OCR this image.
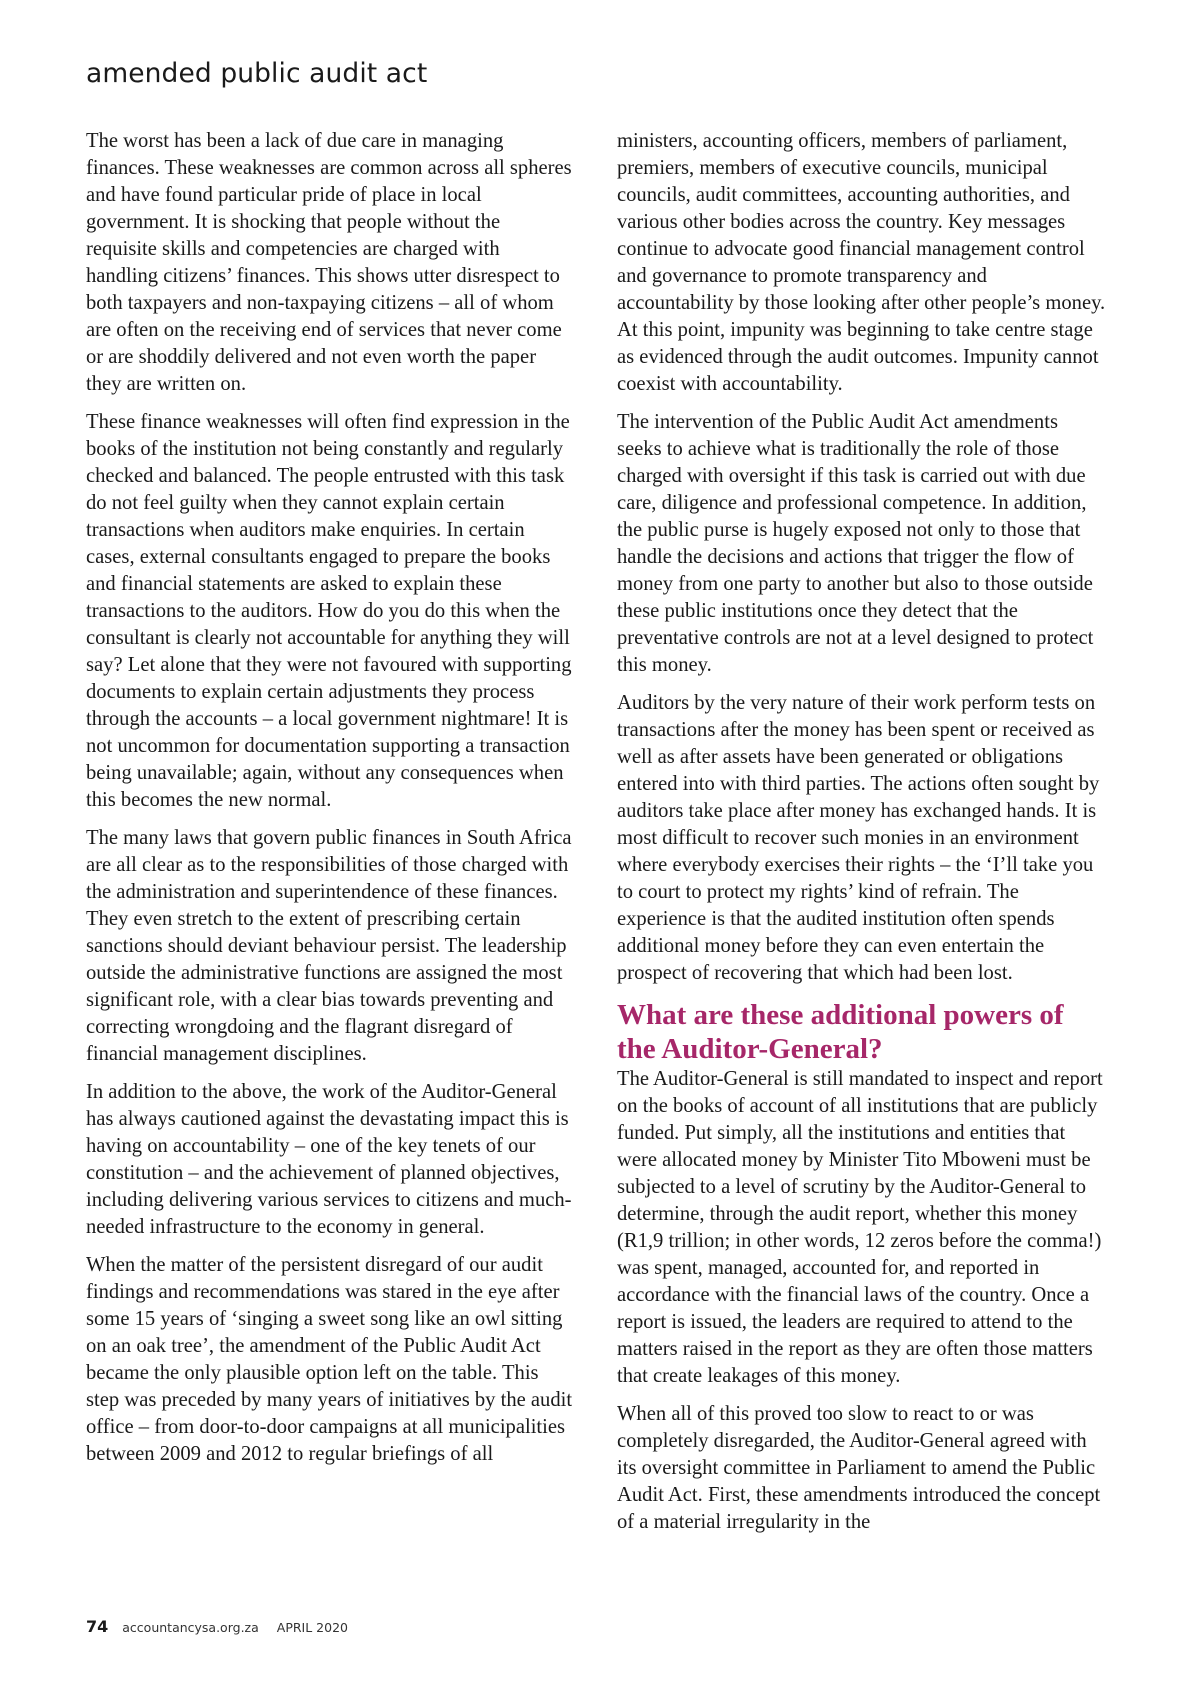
amended public audit act

The worst has been a lack of due care in managing finances. These weaknesses are common across all spheres and have found particular pride of place in local government. It is shocking that people without the requisite skills and competencies are charged with handling citizens’ finances. This shows utter disrespect to both taxpayers and non-taxpaying citizens – all of whom are often on the receiving end of services that never come or are shoddily delivered and not even worth the paper they are written on.

These finance weaknesses will often find expression in the books of the institution not being constantly and regularly checked and balanced. The people entrusted with this task do not feel guilty when they cannot explain certain transactions when auditors make enquiries. In certain cases, external consultants engaged to prepare the books and financial statements are asked to explain these transactions to the auditors. How do you do this when the consultant is clearly not accountable for anything they will say? Let alone that they were not favoured with supporting documents to explain certain adjustments they process through the accounts – a local government nightmare! It is not uncommon for documentation supporting a transaction being unavailable; again, without any consequences when this becomes the new normal.

The many laws that govern public finances in South Africa are all clear as to the responsibilities of those charged with the administration and superintendence of these finances. They even stretch to the extent of prescribing certain sanctions should deviant behaviour persist. The leadership outside the administrative functions are assigned the most significant role, with a clear bias towards preventing and correcting wrongdoing and the flagrant disregard of financial management disciplines.

In addition to the above, the work of the Auditor-General has always cautioned against the devastating impact this is having on accountability – one of the key tenets of our constitution – and the achievement of planned objectives, including delivering various services to citizens and much-needed infrastructure to the economy in general.

When the matter of the persistent disregard of our audit findings and recommendations was stared in the eye after some 15 years of ‘singing a sweet song like an owl sitting on an oak tree’, the amendment of the Public Audit Act became the only plausible option left on the table. This step was preceded by many years of initiatives by the audit office – from door-to-door campaigns at all municipalities between 2009 and 2012 to regular briefings of all

ministers, accounting officers, members of parliament, premiers, members of executive councils, municipal councils, audit committees, accounting authorities, and various other bodies across the country. Key messages continue to advocate good financial management control and governance to promote transparency and accountability by those looking after other people’s money. At this point, impunity was beginning to take centre stage as evidenced through the audit outcomes. Impunity cannot coexist with accountability.

The intervention of the Public Audit Act amendments seeks to achieve what is traditionally the role of those charged with oversight if this task is carried out with due care, diligence and professional competence. In addition, the public purse is hugely exposed not only to those that handle the decisions and actions that trigger the flow of money from one party to another but also to those outside these public institutions once they detect that the preventative controls are not at a level designed to protect this money.

Auditors by the very nature of their work perform tests on transactions after the money has been spent or received as well as after assets have been generated or obligations entered into with third parties. The actions often sought by auditors take place after money has exchanged hands. It is most difficult to recover such monies in an environment where everybody exercises their rights – the ‘I’ll take you to court to protect my rights’ kind of refrain. The experience is that the audited institution often spends additional money before they can even entertain the prospect of recovering that which had been lost.

What are these additional powers of the Auditor-General?

The Auditor-General is still mandated to inspect and report on the books of account of all institutions that are publicly funded. Put simply, all the institutions and entities that were allocated money by Minister Tito Mboweni must be subjected to a level of scrutiny by the Auditor-General to determine, through the audit report, whether this money (R1,9 trillion; in other words, 12 zeros before the comma!) was spent, managed, accounted for, and reported in accordance with the financial laws of the country. Once a report is issued, the leaders are required to attend to the matters raised in the report as they are often those matters that create leakages of this money.

When all of this proved too slow to react to or was completely disregarded, the Auditor-General agreed with its oversight committee in Parliament to amend the Public Audit Act. First, these amendments introduced the concept of a material irregularity in the

74 accountancysa.org.za APRIL 2020
